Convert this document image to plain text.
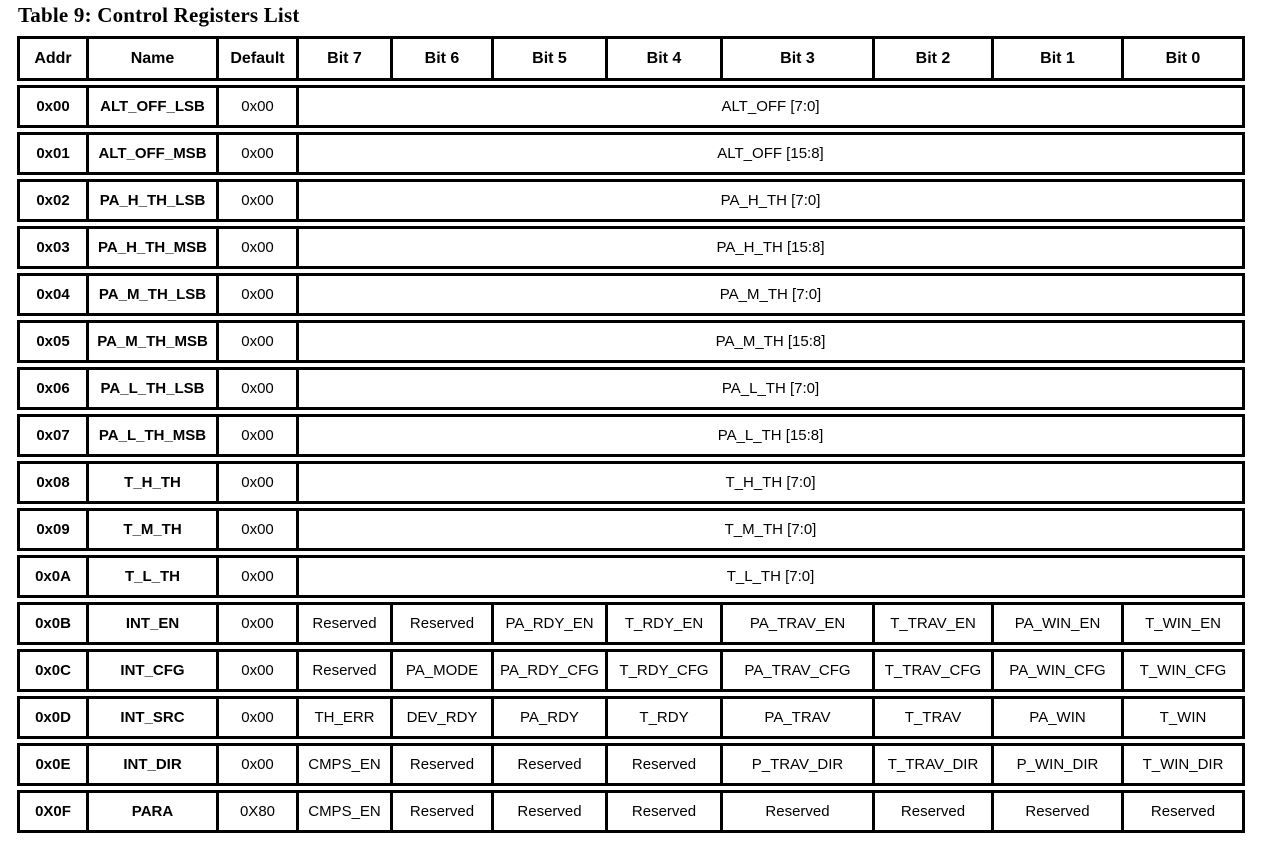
Table 9: Control Registers List
Addr	Name	Default	Bit 7	Bit 6	Bit 5	Bit 4	Bit 3	Bit 2	Bit 1	Bit 0
0x00	ALT_OFF_LSB	0x00	ALT_OFF [7:0]
0x01	ALT_OFF_MSB	0x00	ALT_OFF [15:8]
0x02	PA_H_TH_LSB	0x00	PA_H_TH [7:0]
0x03	PA_H_TH_MSB	0x00	PA_H_TH [15:8]
0x04	PA_M_TH_LSB	0x00	PA_M_TH [7:0]
0x05	PA_M_TH_MSB	0x00	PA_M_TH [15:8]
0x06	PA_L_TH_LSB	0x00	PA_L_TH [7:0]
0x07	PA_L_TH_MSB	0x00	PA_L_TH [15:8]
0x08	T_H_TH	0x00	T_H_TH [7:0]
0x09	T_M_TH	0x00	T_M_TH [7:0]
0x0A	T_L_TH	0x00	T_L_TH [7:0]
0x0B	INT_EN	0x00	Reserved	Reserved	PA_RDY_EN	T_RDY_EN	PA_TRAV_EN	T_TRAV_EN	PA_WIN_EN	T_WIN_EN
0x0C	INT_CFG	0x00	Reserved	PA_MODE	PA_RDY_CFG	T_RDY_CFG	PA_TRAV_CFG	T_TRAV_CFG	PA_WIN_CFG	T_WIN_CFG
0x0D	INT_SRC	0x00	TH_ERR	DEV_RDY	PA_RDY	T_RDY	PA_TRAV	T_TRAV	PA_WIN	T_WIN
0x0E	INT_DIR	0x00	CMPS_EN	Reserved	Reserved	Reserved	P_TRAV_DIR	T_TRAV_DIR	P_WIN_DIR	T_WIN_DIR
0X0F	PARA	0X80	CMPS_EN	Reserved	Reserved	Reserved	Reserved	Reserved	Reserved	Reserved
